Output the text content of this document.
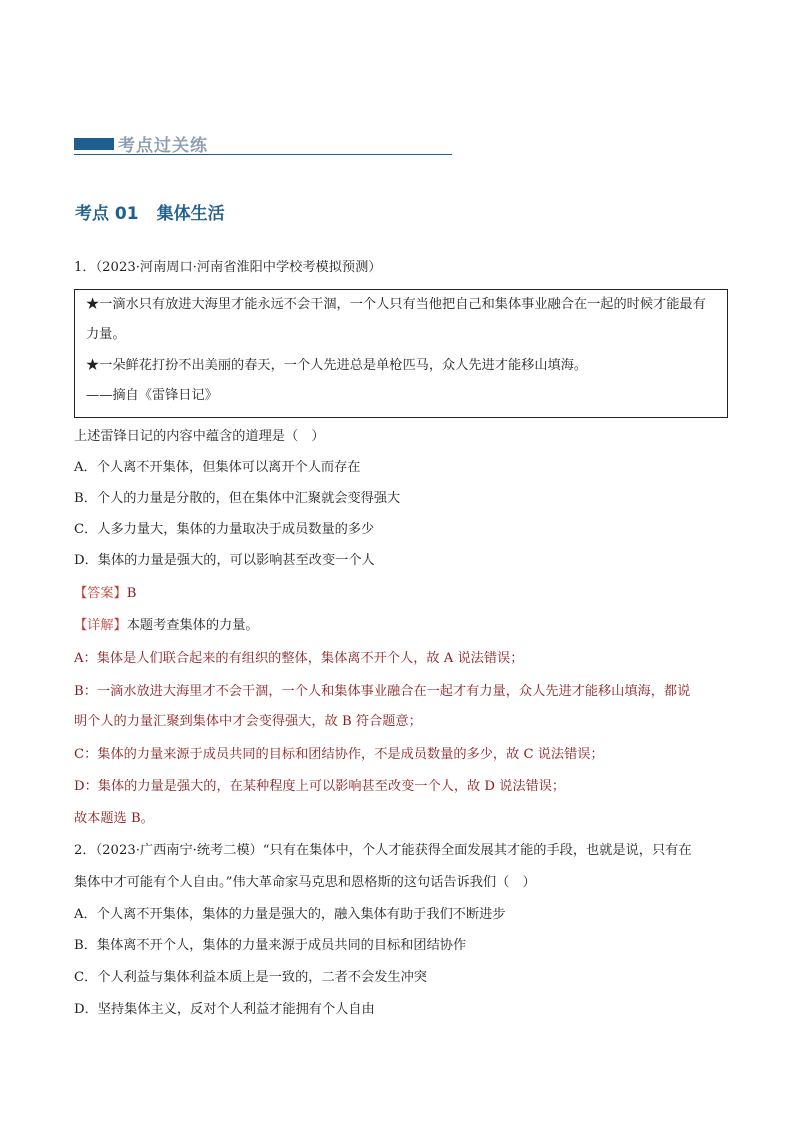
考点过关练
考点 01 集体生活
1．（2023·河南周口·河南省淮阳中学校考模拟预测）
★一滴水只有放进大海里才能永远不会干涸，一个人只有当他把自己和集体事业融合在一起的时候才能最有
力量。
★一朵鲜花打扮不出美丽的春天，一个人先进总是单枪匹马，众人先进才能移山填海。
——摘自《雷锋日记》
上述雷锋日记的内容中蕴含的道理是（　）
A．个人离不开集体，但集体可以离开个人而存在
B．个人的力量是分散的，但在集体中汇聚就会变得强大
C．人多力量大，集体的力量取决于成员数量的多少
D．集体的力量是强大的，可以影响甚至改变一个人
【答案】B
【详解】本题考查集体的力量。
A：集体是人们联合起来的有组织的整体，集体离不开个人，故 A 说法错误；
B：一滴水放进大海里才不会干涸，一个人和集体事业融合在一起才有力量，众人先进才能移山填海，都说
明个人的力量汇聚到集体中才会变得强大，故 B 符合题意；
C：集体的力量来源于成员共同的目标和团结协作，不是成员数量的多少，故 C 说法错误；
D：集体的力量是强大的，在某种程度上可以影响甚至改变一个人，故 D 说法错误；
故本题选 B。
2．（2023·广西南宁·统考二模）“只有在集体中，个人才能获得全面发展其才能的手段，也就是说，只有在
集体中才可能有个人自由。”伟大革命家马克思和恩格斯的这句话告诉我们（　）
A．个人离不开集体，集体的力量是强大的，融入集体有助于我们不断进步
B．集体离不开个人，集体的力量来源于成员共同的目标和团结协作
C．个人利益与集体利益本质上是一致的，二者不会发生冲突
D．坚持集体主义，反对个人利益才能拥有个人自由
